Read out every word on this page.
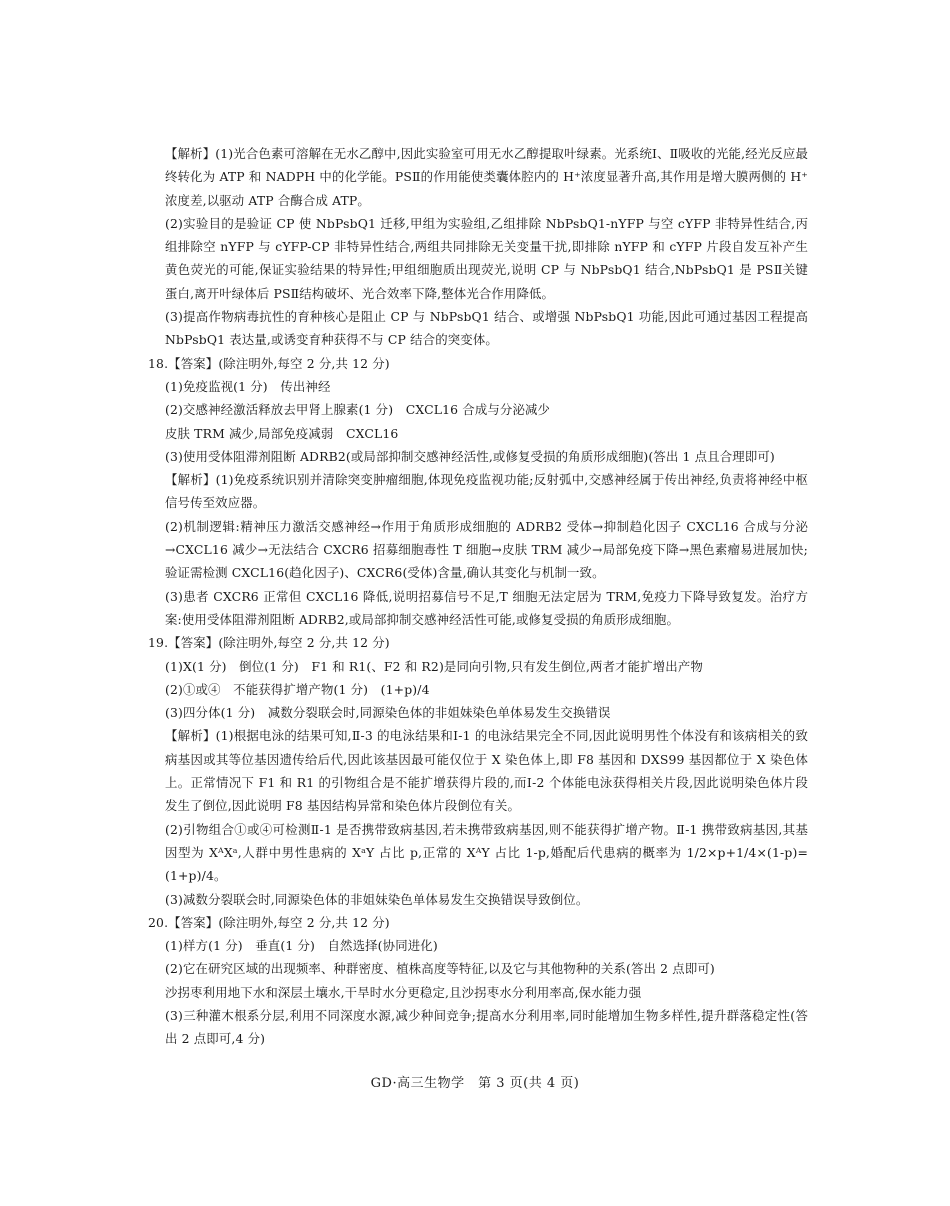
【解析】(1)光合色素可溶解在无水乙醇中,因此实验室可用无水乙醇提取叶绿素。光系统Ⅰ、Ⅱ吸收的光能,经光反应最终转化为 ATP 和 NADPH 中的化学能。PSⅡ的作用能使类囊体腔内的 H⁺浓度显著升高,其作用是增大膜两侧的 H⁺浓度差,以驱动 ATP 合酶合成 ATP。

(2)实验目的是验证 CP 使 NbPsbQ1 迁移,甲组为实验组,乙组排除 NbPsbQ1-nYFP 与空 cYFP 非特异性结合,丙组排除空 nYFP 与 cYFP-CP 非特异性结合,两组共同排除无关变量干扰,即排除 nYFP 和 cYFP 片段自发互补产生黄色荧光的可能,保证实验结果的特异性;甲组细胞质出现荧光,说明 CP 与 NbPsbQ1 结合,NbPsbQ1 是 PSⅡ关键蛋白,离开叶绿体后 PSⅡ结构破坏、光合效率下降,整体光合作用降低。

(3)提高作物病毒抗性的育种核心是阻止 CP 与 NbPsbQ1 结合、或增强 NbPsbQ1 功能,因此可通过基因工程提高 NbPsbQ1 表达量,或诱变育种获得不与 CP 结合的突变体。

18.【答案】(除注明外,每空 2 分,共 12 分)

(1)免疫监视(1 分)　传出神经

(2)交感神经激活释放去甲肾上腺素(1 分)　CXCL16 合成与分泌减少

皮肤 TRM 减少,局部免疫减弱　CXCL16

(3)使用受体阻滞剂阻断 ADRB2(或局部抑制交感神经活性,或修复受损的角质形成细胞)(答出 1 点且合理即可)

【解析】(1)免疫系统识别并清除突变肿瘤细胞,体现免疫监视功能;反射弧中,交感神经属于传出神经,负责将神经中枢信号传至效应器。

(2)机制逻辑:精神压力激活交感神经→作用于角质形成细胞的 ADRB2 受体→抑制趋化因子 CXCL16 合成与分泌→CXCL16 减少→无法结合 CXCR6 招募细胞毒性 T 细胞→皮肤 TRM 减少→局部免疫下降→黑色素瘤易进展加快;验证需检测 CXCL16(趋化因子)、CXCR6(受体)含量,确认其变化与机制一致。

(3)患者 CXCR6 正常但 CXCL16 降低,说明招募信号不足,T 细胞无法定居为 TRM,免疫力下降导致复发。治疗方案:使用受体阻滞剂阻断 ADRB2,或局部抑制交感神经活性可能,或修复受损的角质形成细胞。

19.【答案】(除注明外,每空 2 分,共 12 分)

(1)X(1 分)　倒位(1 分)　F1 和 R1(、F2 和 R2)是同向引物,只有发生倒位,两者才能扩增出产物

(2)①或④　不能获得扩增产物(1 分)　(1+p)/4

(3)四分体(1 分)　减数分裂联会时,同源染色体的非姐妹染色单体易发生交换错误

【解析】(1)根据电泳的结果可知,Ⅱ-3 的电泳结果和Ⅰ-1 的电泳结果完全不同,因此说明男性个体没有和该病相关的致病基因或其等位基因遗传给后代,因此该基因最可能仅位于 X 染色体上,即 F8 基因和 DXS99 基因都位于 X 染色体上。正常情况下 F1 和 R1 的引物组合是不能扩增获得片段的,而Ⅰ-2 个体能电泳获得相关片段,因此说明染色体片段发生了倒位,因此说明 F8 基因结构异常和染色体片段倒位有关。

(2)引物组合①或④可检测Ⅱ-1 是否携带致病基因,若未携带致病基因,则不能获得扩增产物。Ⅱ-1 携带致病基因,其基因型为 XᴬXᵃ,人群中男性患病的 XᵃY 占比 p,正常的 XᴬY 占比 1-p,婚配后代患病的概率为 1/2×p+1/4×(1-p)=(1+p)/4。

(3)减数分裂联会时,同源染色体的非姐妹染色单体易发生交换错误导致倒位。

20.【答案】(除注明外,每空 2 分,共 12 分)

(1)样方(1 分)　垂直(1 分)　自然选择(协同进化)

(2)它在研究区域的出现频率、种群密度、植株高度等特征,以及它与其他物种的关系(答出 2 点即可)

沙拐枣利用地下水和深层土壤水,干旱时水分更稳定,且沙拐枣水分利用率高,保水能力强

(3)三种灌木根系分层,利用不同深度水源,减少种间竞争;提高水分利用率,同时能增加生物多样性,提升群落稳定性(答出 2 点即可,4 分)

GD·高三生物学　第 3 页(共 4 页)
